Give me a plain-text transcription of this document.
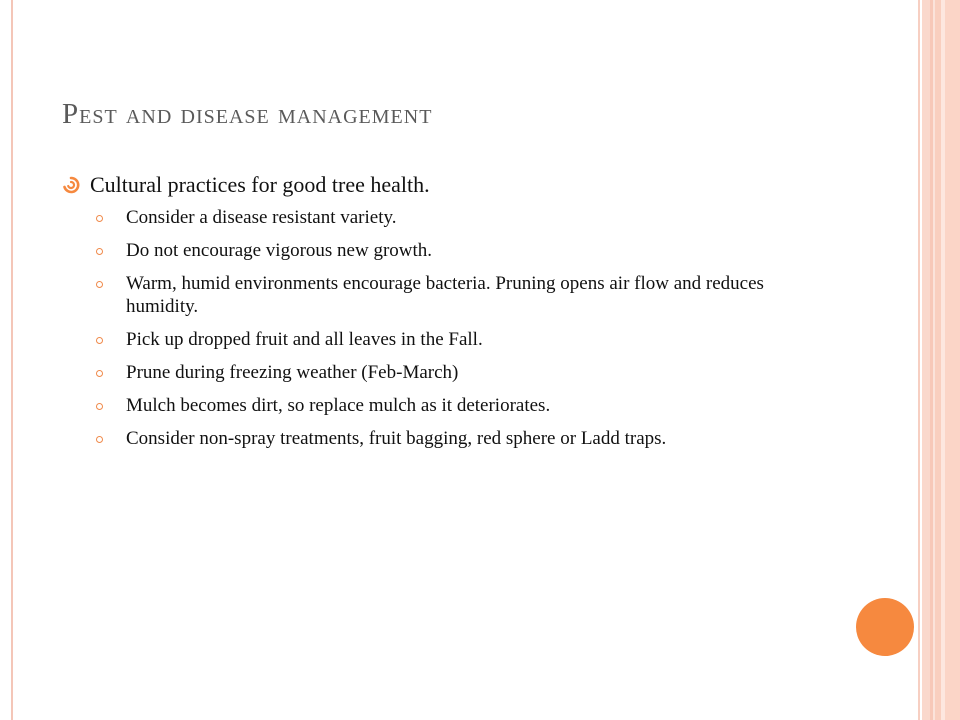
Pest and disease management
Cultural practices for good tree health.
Consider a disease resistant variety.
Do not encourage vigorous new growth.
Warm, humid environments encourage bacteria. Pruning opens air flow and reduces humidity.
Pick up dropped fruit and all leaves in the Fall.
Prune during freezing weather (Feb-March)
Mulch becomes dirt, so replace mulch as it deteriorates.
Consider non-spray treatments, fruit bagging, red sphere or Ladd traps.
